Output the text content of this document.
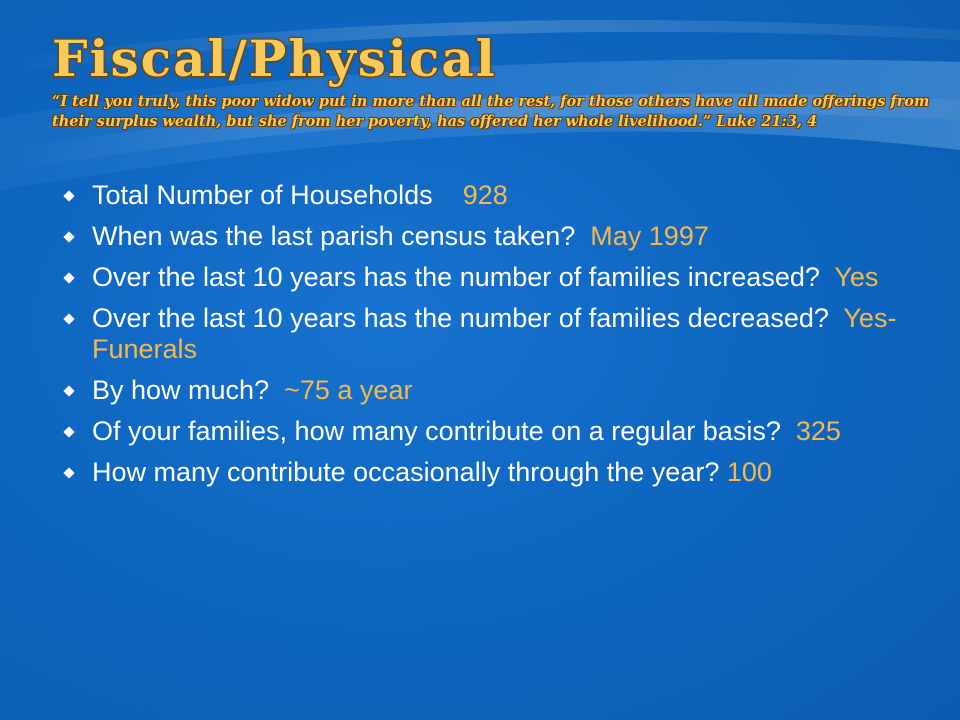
Fiscal/Physical
“I tell you truly, this poor widow put in more than all the rest, for those others have all made offerings from their surplus wealth, but she from her poverty, has offered her whole livelihood.” Luke 21:3, 4
Total Number of Households 928
When was the last parish census taken? May 1997
Over the last 10 years has the number of families increased? Yes
Over the last 10 years has the number of families decreased? Yes-Funerals
By how much? ~75 a year
Of your families, how many contribute on a regular basis? 325
How many contribute occasionally through the year? 100
